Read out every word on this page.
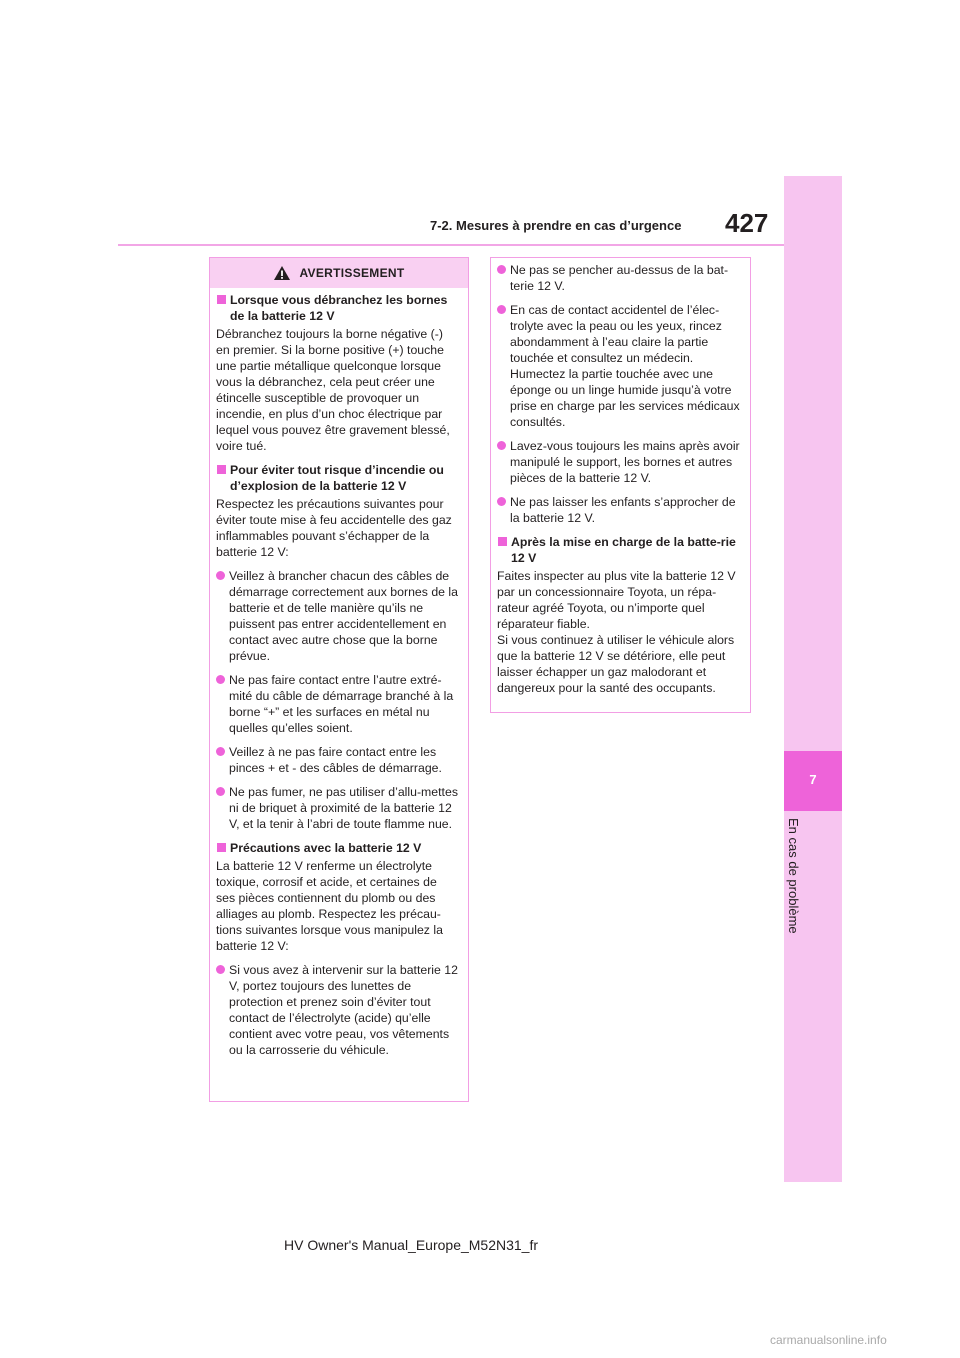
7-2. Mesures à prendre en cas d’urgence 427
7
En cas de problème
AVERTISSEMENT
Lorsque vous débranchez les bornes de la batterie 12 V
Débranchez toujours la borne négative (-) en premier. Si la borne positive (+) touche une partie métallique quelconque lorsque vous la débranchez, cela peut créer une étincelle susceptible de provoquer un incendie, en plus d’un choc électrique par lequel vous pouvez être gravement blessé, voire tué.
Pour éviter tout risque d’incendie ou d’explosion de la batterie 12 V
Respectez les précautions suivantes pour éviter toute mise à feu accidentelle des gaz inflammables pouvant s’échapper de la batterie 12 V:
Veillez à brancher chacun des câbles de démarrage correctement aux bornes de la batterie et de telle manière qu’ils ne puissent pas entrer accidentellement en contact avec autre chose que la borne prévue.
Ne pas faire contact entre l’autre extré-mité du câble de démarrage branché à la borne “+” et les surfaces en métal nu quelles qu’elles soient.
Veillez à ne pas faire contact entre les pinces + et - des câbles de démarrage.
Ne pas fumer, ne pas utiliser d’allu-mettes ni de briquet à proximité de la batterie 12 V, et la tenir à l’abri de toute flamme nue.
Précautions avec la batterie 12 V
La batterie 12 V renferme un électrolyte toxique, corrosif et acide, et certaines de ses pièces contiennent du plomb ou des alliages au plomb. Respectez les précau-tions suivantes lorsque vous manipulez la batterie 12 V:
Si vous avez à intervenir sur la batterie 12 V, portez toujours des lunettes de protection et prenez soin d’éviter tout contact de l’électrolyte (acide) qu’elle contient avec votre peau, vos vêtements ou la carrosserie du véhicule.
Ne pas se pencher au-dessus de la bat-terie 12 V.
En cas de contact accidentel de l’élec-trolyte avec la peau ou les yeux, rincez abondamment à l’eau claire la partie touchée et consultez un médecin. Humectez la partie touchée avec une éponge ou un linge humide jusqu’à votre prise en charge par les services médicaux consultés.
Lavez-vous toujours les mains après avoir manipulé le support, les bornes et autres pièces de la batterie 12 V.
Ne pas laisser les enfants s’approcher de la batterie 12 V.
Après la mise en charge de la batte-rie 12 V
Faites inspecter au plus vite la batterie 12 V par un concessionnaire Toyota, un répa-rateur agréé Toyota, ou n’importe quel réparateur fiable.
Si vous continuez à utiliser le véhicule alors que la batterie 12 V se détériore, elle peut laisser échapper un gaz malodorant et dangereux pour la santé des occupants.
HV Owner's Manual_Europe_M52N31_fr
carmanualsonline.info
